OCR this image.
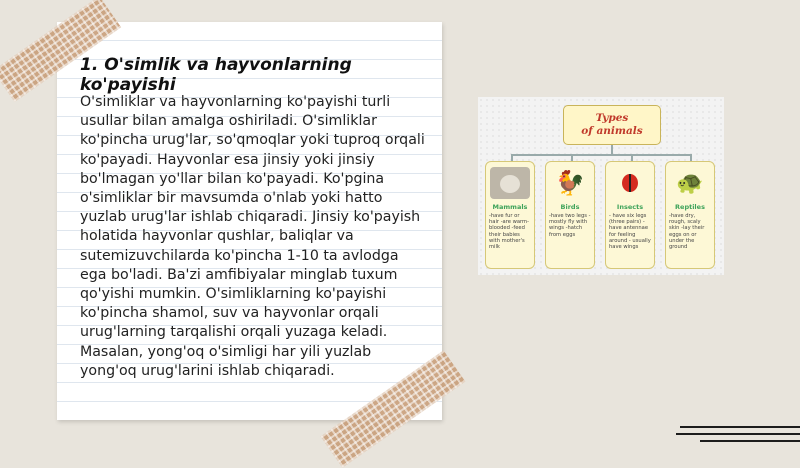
1. O'simlik va hayvonlarning ko'payishi
O'simliklar va hayvonlarning ko'payishi turli usullar bilan amalga oshiriladi. O'simliklar ko'pincha urug'lar, so'qmoqlar yoki tuproq orqali ko'payadi. Hayvonlar esa jinsiy yoki jinsiy bo'lmagan yo'llar bilan ko'payadi. Ko'pgina o'simliklar bir mavsumda o'nlab yoki hatto yuzlab urug'lar ishlab chiqaradi. Jinsiy ko'payish holatida hayvonlar qushlar, baliqlar va sutemizuvchilarda ko'pincha 1-10 ta avlodga ega bo'ladi. Ba'zi amfibiyalar minglab tuxum qo'yishi mumkin. O'simliklarning ko'payishi ko'pincha shamol, suv va hayvonlar orqali urug'larning tarqalishi orqali yuzaga keladi. Masalan, yong'oq o'simligi har yili yuzlab yong'oq urug'larini ishlab chiqaradi.
Types
of animals
Mammals
-have fur or hair -are warm-blooded -feed their babies with mother's milk
🐓
Birds
-have two legs -mostly fly with wings -hatch from eggs
Insects
- have six legs (three pairs) - have antennae for feeling around - usually have wings
🐢
Reptiles
-have dry, rough, scaly skin -lay their eggs on or under the ground
